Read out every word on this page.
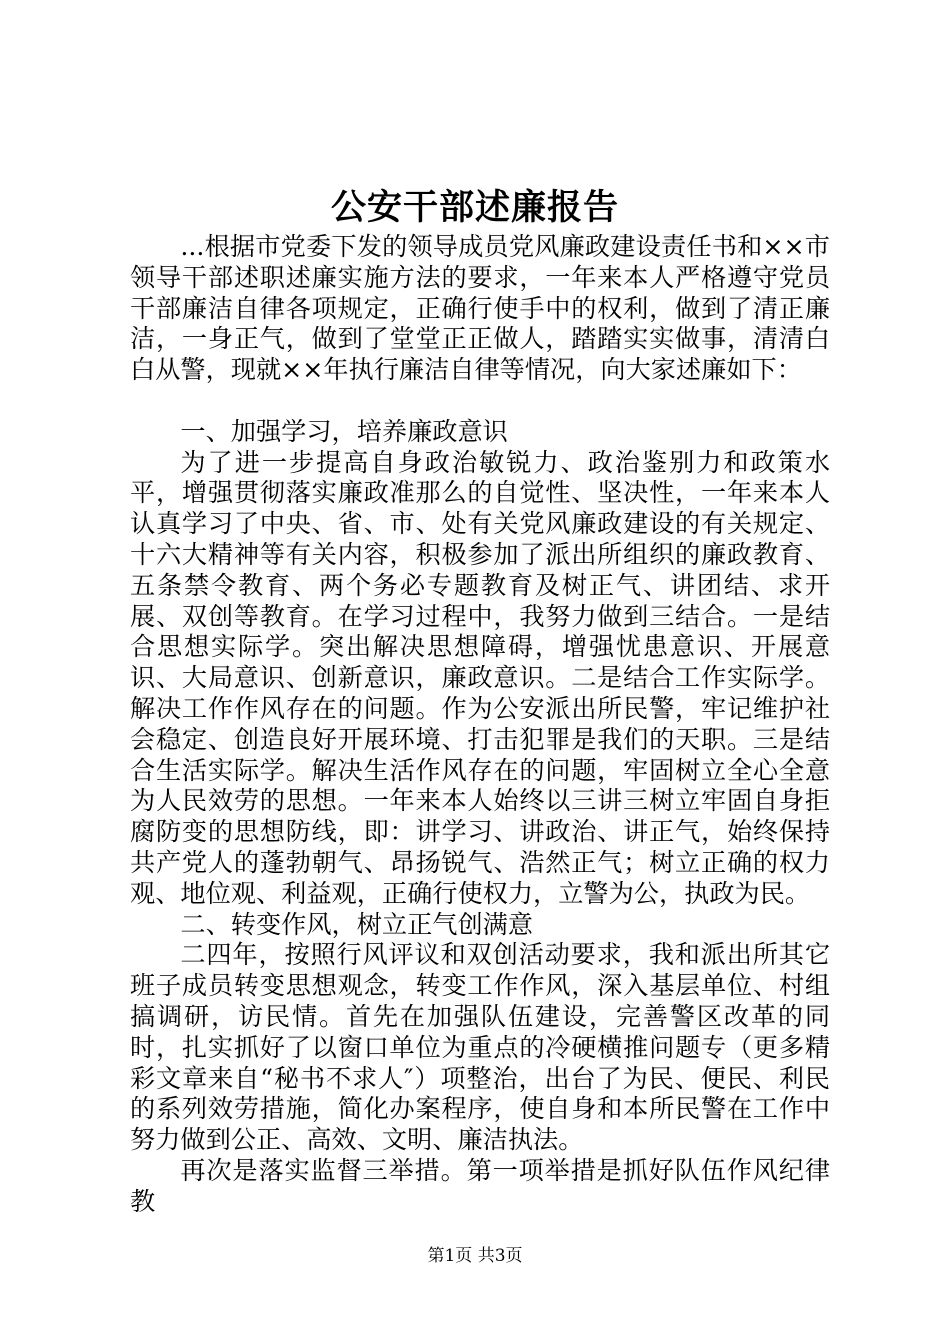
公安干部述廉报告

...根据市党委下发的领导成员党风廉政建设责任书和××市领导干部述职述廉实施方法的要求，一年来本人严格遵守党员干部廉洁自律各项规定，正确行使手中的权利，做到了清正廉洁，一身正气，做到了堂堂正正做人，踏踏实实做事，清清白白从警，现就××年执行廉洁自律等情况，向大家述廉如下：

一、加强学习，培养廉政意识

为了进一步提高自身政治敏锐力、政治鉴别力和政策水平，增强贯彻落实廉政准那么的自觉性、坚决性，一年来本人认真学习了中央、省、市、处有关党风廉政建设的有关规定、十六大精神等有关内容，积极参加了派出所组织的廉政教育、五条禁令教育、两个务必专题教育及树正气、讲团结、求开展、双创等教育。在学习过程中，我努力做到三结合。一是结合思想实际学。突出解决思想障碍，增强忧患意识、开展意识、大局意识、创新意识，廉政意识。二是结合工作实际学。解决工作作风存在的问题。作为公安派出所民警，牢记维护社会稳定、创造良好开展环境、打击犯罪是我们的天职。三是结合生活实际学。解决生活作风存在的问题，牢固树立全心全意为人民效劳的思想。一年来本人始终以三讲三树立牢固自身拒腐防变的思想防线，即：讲学习、讲政治、讲正气，始终保持共产党人的蓬勃朝气、昂扬锐气、浩然正气；树立正确的权力观、地位观、利益观，正确行使权力，立警为公，执政为民。

二、转变作风，树立正气创满意

二四年，按照行风评议和双创活动要求，我和派出所其它班子成员转变思想观念，转变工作作风，深入基层单位、村组搞调研，访民情。首先在加强队伍建设，完善警区改革的同时，扎实抓好了以窗口单位为重点的冷硬横推问题专（更多精彩文章来自“秘书不求人″）项整治，出台了为民、便民、利民的系列效劳措施，简化办案程序，使自身和本所民警在工作中努力做到公正、高效、文明、廉洁执法。

再次是落实监督三举措。第一项举措是抓好队伍作风纪律教

第1页 共3页
